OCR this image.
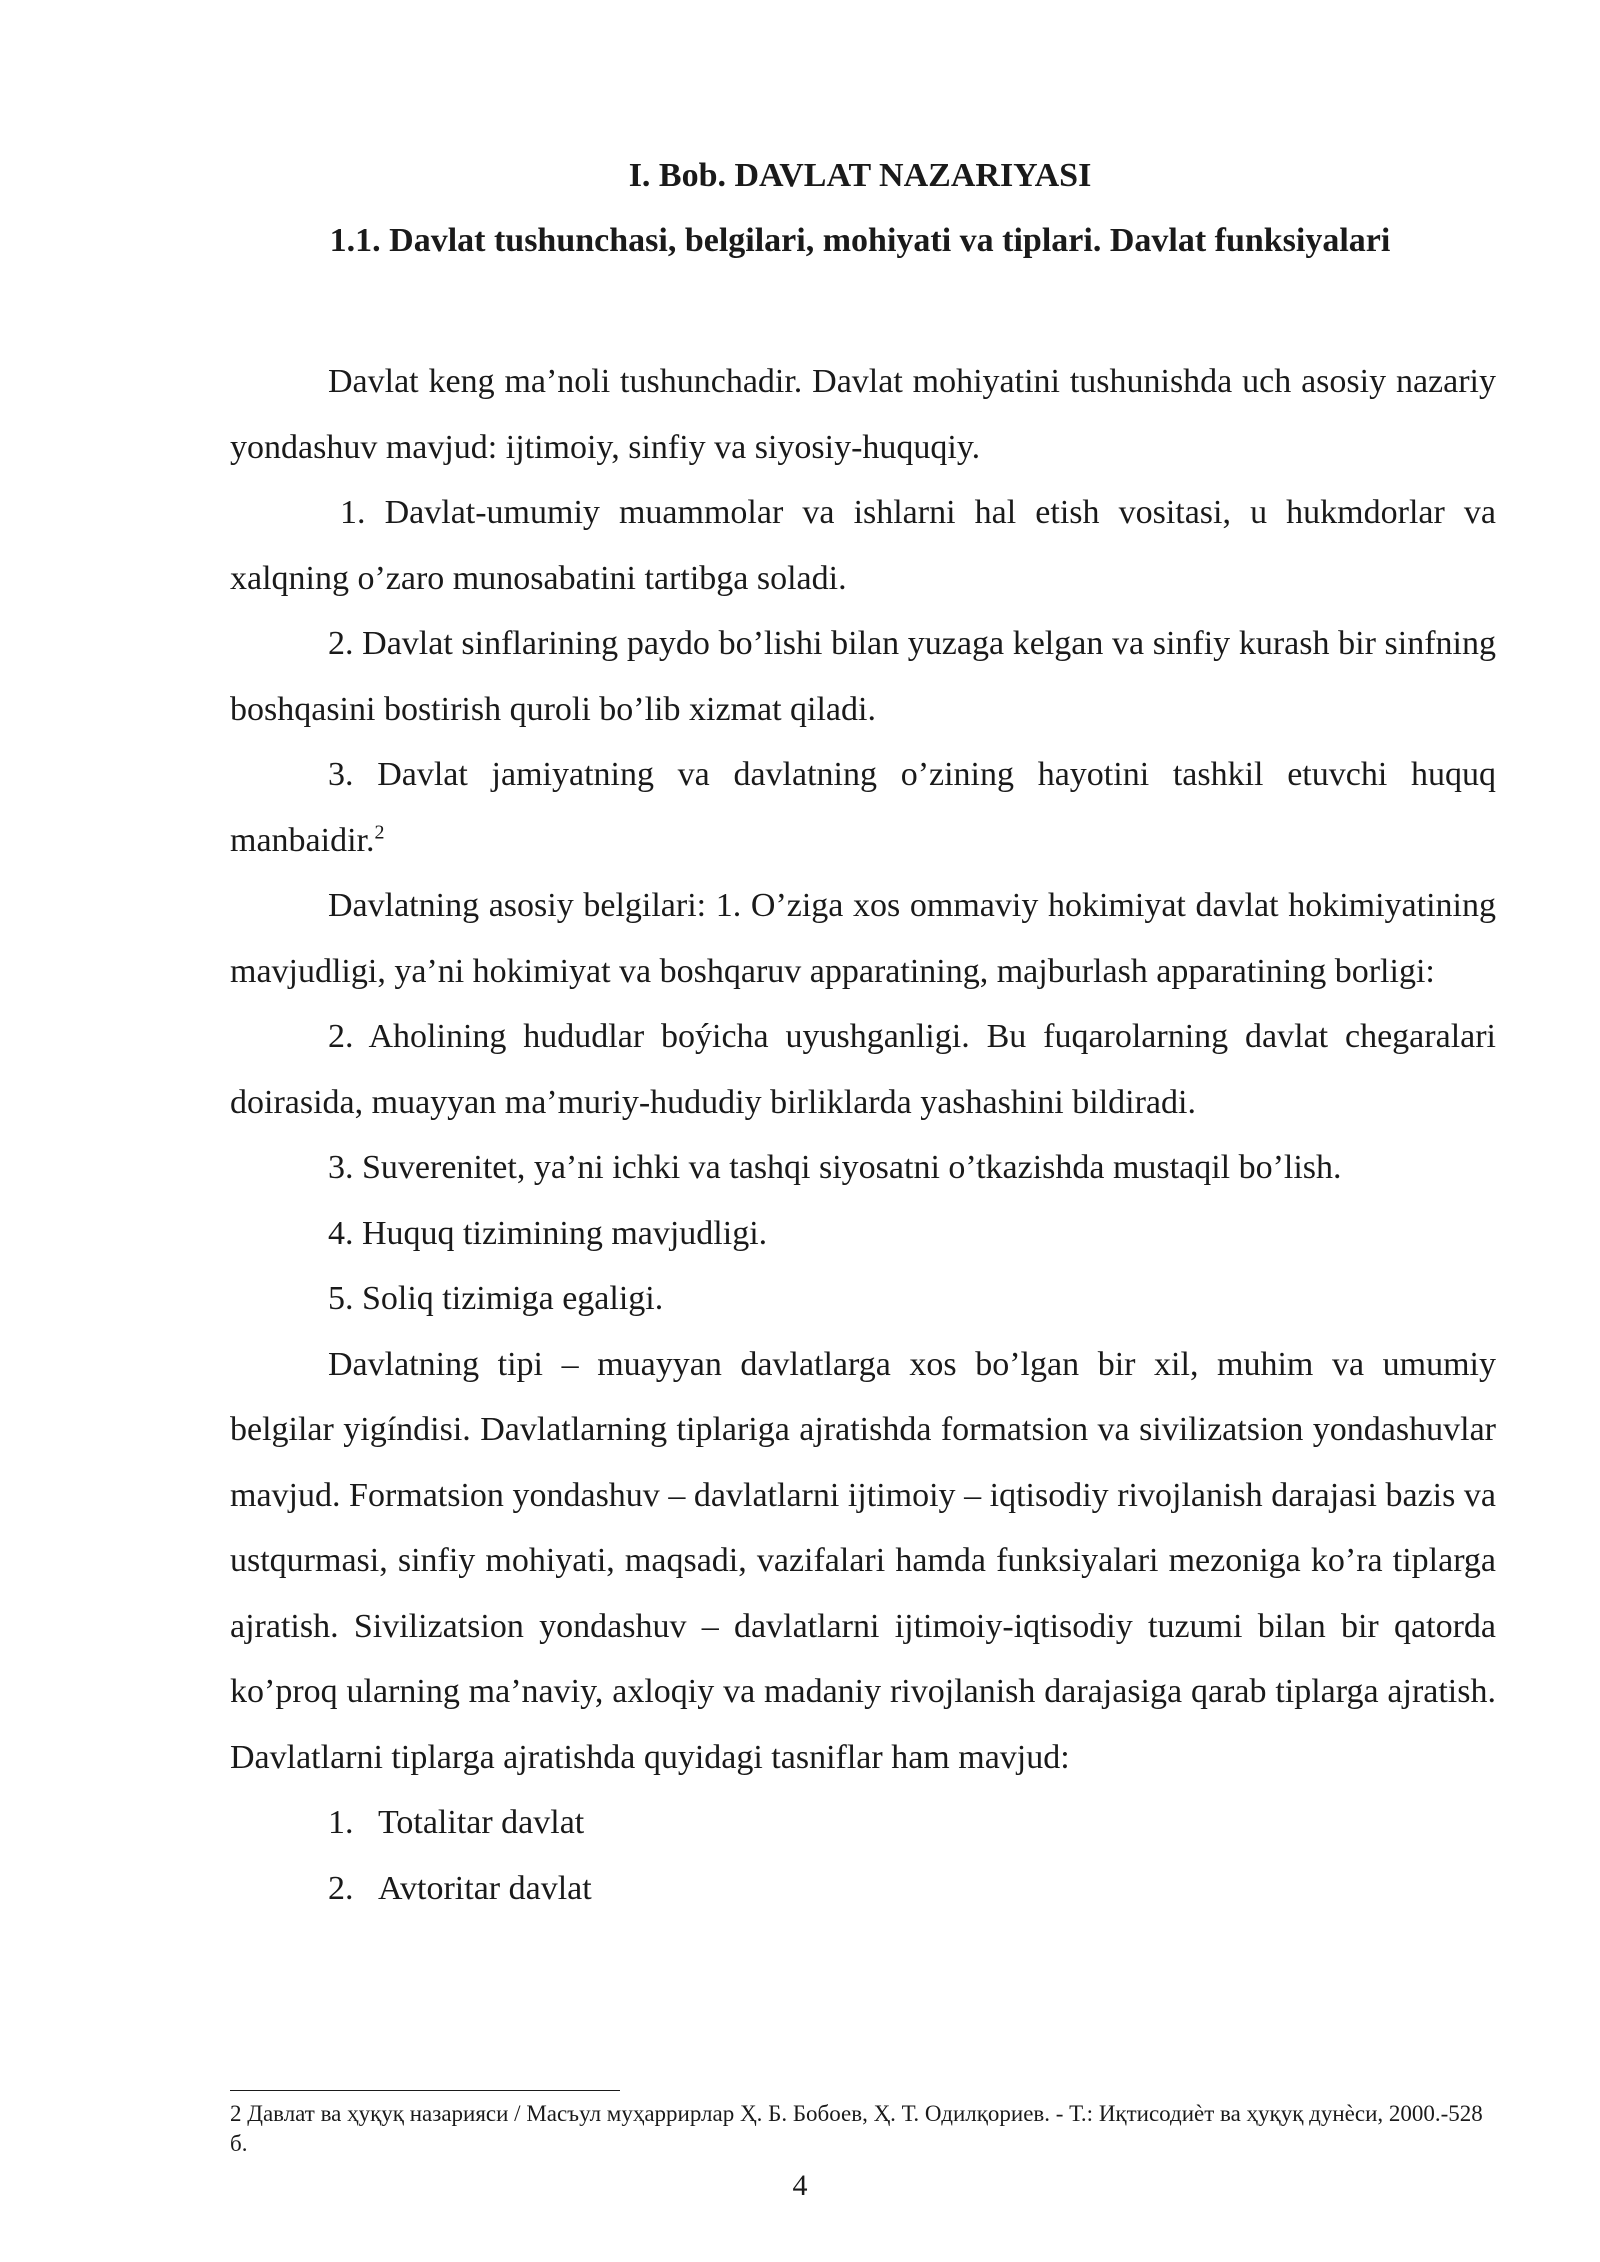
I. Bob. DAVLAT NAZARIYASI
1.1. Davlat tushunchasi, belgilari, mohiyati va tiplari. Davlat funksiyalari

Davlat keng ma’noli tushunchadir. Davlat mohiyatini tushunishda uch asosiy nazariy yondashuv mavjud: ijtimoiy, sinfiy va siyosiy-huquqiy.

1. Davlat-umumiy muammolar va ishlarni hal etish vositasi, u hukmdorlar va xalqning o’zaro munosabatini tartibga soladi.

2. Davlat sinflarining paydo bo’lishi bilan yuzaga kelgan va sinfiy kurash bir sinfning boshqasini bostirish quroli bo’lib xizmat qiladi.

3. Davlat jamiyatning va davlatning o’zining hayotini tashkil etuvchi huquq manbaidir.$^2$

Davlatning asosiy belgilari: 1. O’ziga xos ommaviy hokimiyat davlat hokimiyatining mavjudligi, ya’ni hokimiyat va boshqaruv apparatining, majburlash apparatining borligi:

2. Aholining hududlar boýicha uyushganligi. Bu fuqarolarning davlat chegaralari doirasida, muayyan ma’muriy-hududiy birliklarda yashashini bildiradi.

3. Suverenitet, ya’ni ichki va tashqi siyosatni o’tkazishda mustaqil bo’lish.

4. Huquq tizimining mavjudligi.

5. Soliq tizimiga egaligi.

Davlatning tipi – muayyan davlatlarga xos bo’lgan bir xil, muhim va umumiy belgilar yigíndisi. Davlatlarning tiplariga ajratishda formatsion va sivilizatsion yondashuvlar mavjud. Formatsion yondashuv – davlatlarni ijtimoiy – iqtisodiy rivojlanish darajasi bazis va ustqurmasi, sinfiy mohiyati, maqsadi, vazifalari hamda funksiyalari mezoniga ko’ra tiplarga ajratish. Sivilizatsion yondashuv – davlatlarni ijtimoiy-iqtisodiy tuzumi bilan bir qatorda ko’proq ularning ma’naviy, axloqiy va madaniy rivojlanish darajasiga qarab tiplarga ajratish. Davlatlarni tiplarga ajratishda quyidagi tasniflar ham mavjud:

1. Totalitar davlat

2. Avtoritar davlat

2 Давлат ва ҳуқуқ назарияси / Масъул муҳаррирлар Ҳ. Б. Бобоев, Ҳ. Т. Одилқориев. - Т.: Иқтисодиѐт ва ҳуқуқ дунѐси, 2000.-528 б.
4
